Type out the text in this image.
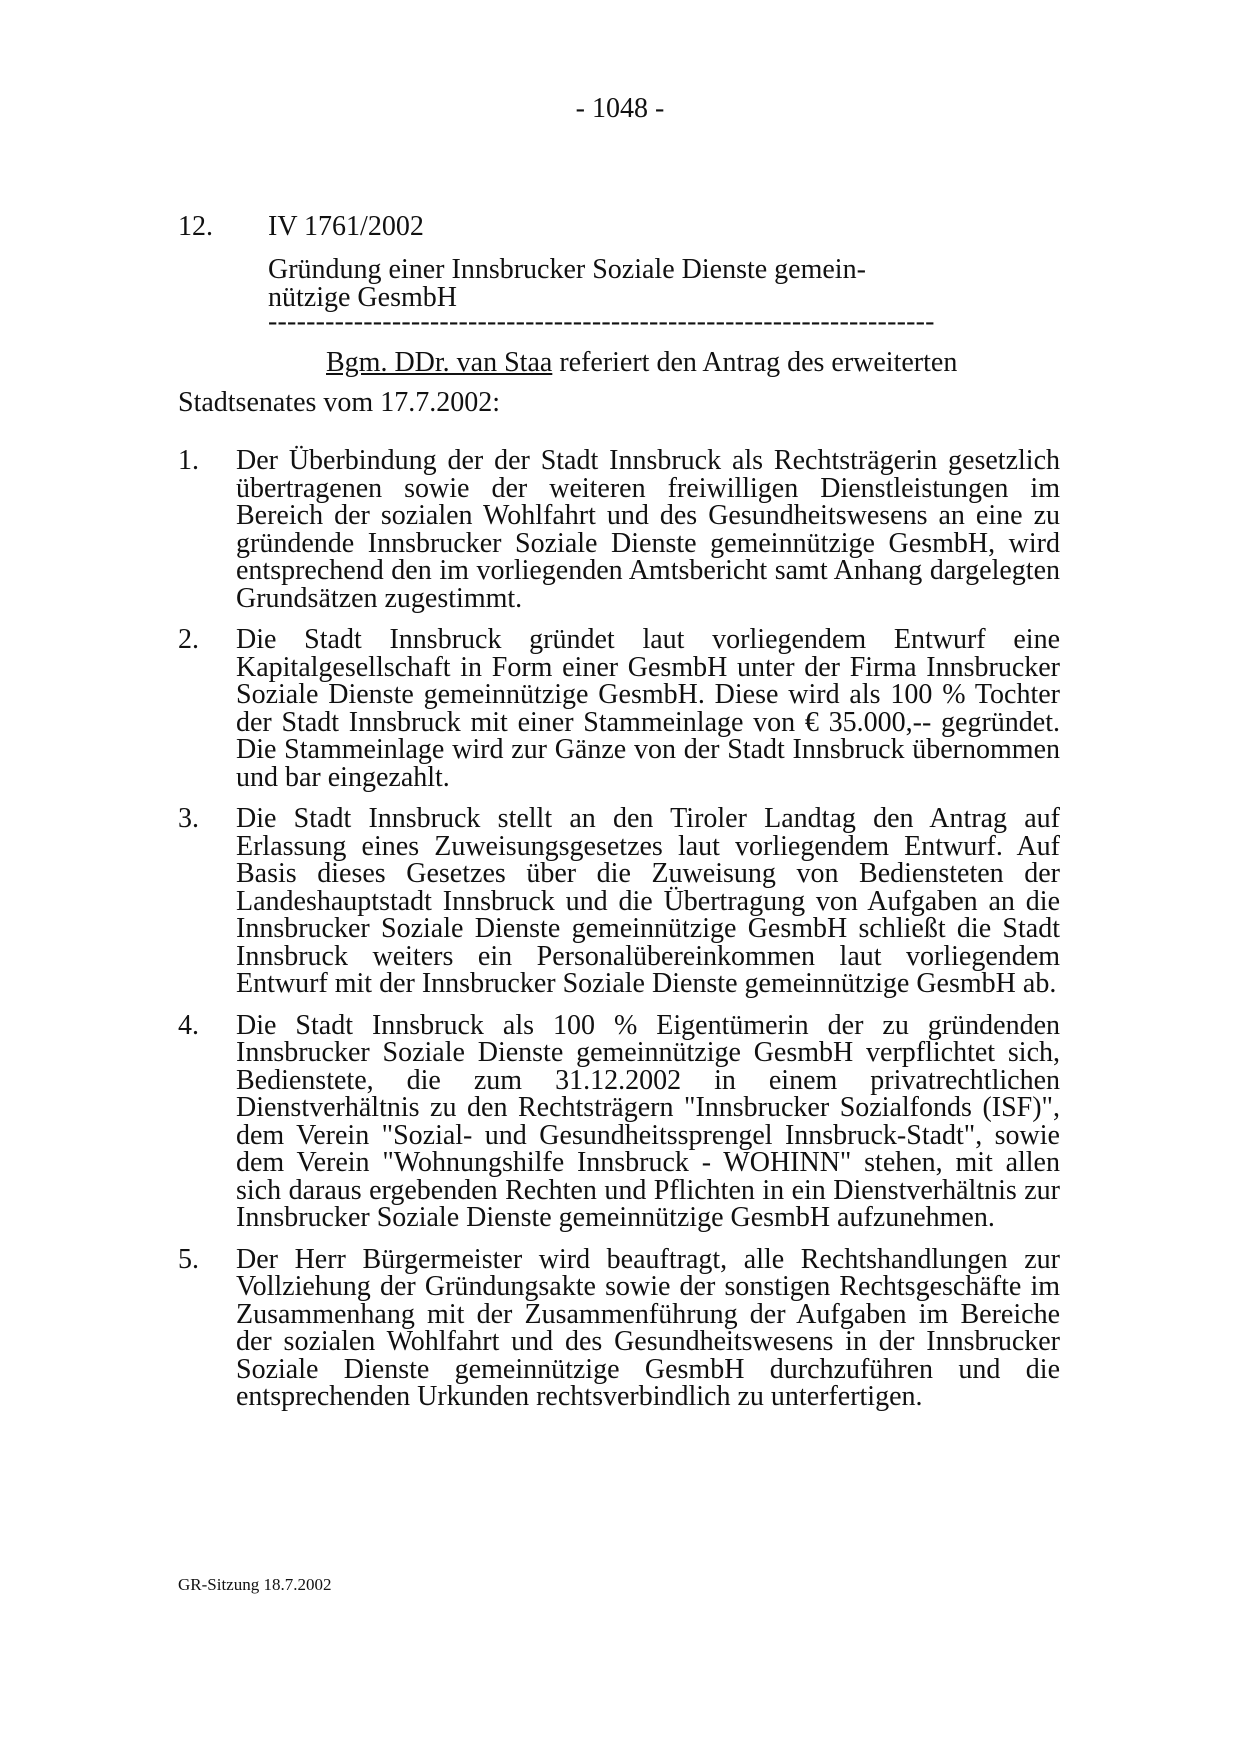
- 1048 -
12. IV 1761/2002
Gründung einer Innsbrucker Soziale Dienste gemein-
nützige GesmbH
----------------------------------------------------------------------
Bgm. DDr. van Staa referiert den Antrag des erweiterten
Stadtsenates vom 17.7.2002:
1. Der Überbindung der der Stadt Innsbruck als Rechtsträgerin gesetzlich übertragenen sowie der weiteren freiwilligen Dienstleistungen im Bereich der sozialen Wohlfahrt und des Gesundheitswesens an eine zu gründende Innsbrucker Soziale Dienste gemeinnützige GesmbH, wird entsprechend den im vorliegenden Amtsbericht samt Anhang dargelegten Grundsätzen zugestimmt.
2. Die Stadt Innsbruck gründet laut vorliegendem Entwurf eine Kapitalgesellschaft in Form einer GesmbH unter der Firma Innsbrucker Soziale Dienste gemeinnützige GesmbH. Diese wird als 100 % Tochter der Stadt Innsbruck mit einer Stammeinlage von € 35.000,-- gegründet. Die Stammeinlage wird zur Gänze von der Stadt Innsbruck übernommen und bar eingezahlt.
3. Die Stadt Innsbruck stellt an den Tiroler Landtag den Antrag auf Erlassung eines Zuweisungsgesetzes laut vorliegendem Entwurf. Auf Basis dieses Gesetzes über die Zuweisung von Bediensteten der Landeshauptstadt Innsbruck und die Übertragung von Aufgaben an die Innsbrucker Soziale Dienste gemeinnützige GesmbH schließt die Stadt Innsbruck weiters ein Personalübereinkommen laut vorliegendem Entwurf mit der Innsbrucker Soziale Dienste gemeinnützige GesmbH ab.
4. Die Stadt Innsbruck als 100 % Eigentümerin der zu gründenden Innsbrucker Soziale Dienste gemeinnützige GesmbH verpflichtet sich, Bedienstete, die zum 31.12.2002 in einem privatrechtlichen Dienstverhältnis zu den Rechtsträgern "Innsbrucker Sozialfonds (ISF)", dem Verein "Sozial- und Gesundheitssprengel Innsbruck-Stadt", sowie dem Verein "Wohnungshilfe Innsbruck - WOHINN" stehen, mit allen sich daraus ergebenden Rechten und Pflichten in ein Dienstverhältnis zur Innsbrucker Soziale Dienste gemeinnützige GesmbH aufzunehmen.
5. Der Herr Bürgermeister wird beauftragt, alle Rechtshandlungen zur Vollziehung der Gründungsakte sowie der sonstigen Rechtsgeschäfte im Zusammenhang mit der Zusammenführung der Aufgaben im Bereiche der sozialen Wohlfahrt und des Gesundheitswesens in der Innsbrucker Soziale Dienste gemeinnützige GesmbH durchzuführen und die entsprechenden Urkunden rechtsverbindlich zu unterfertigen.
GR-Sitzung 18.7.2002
